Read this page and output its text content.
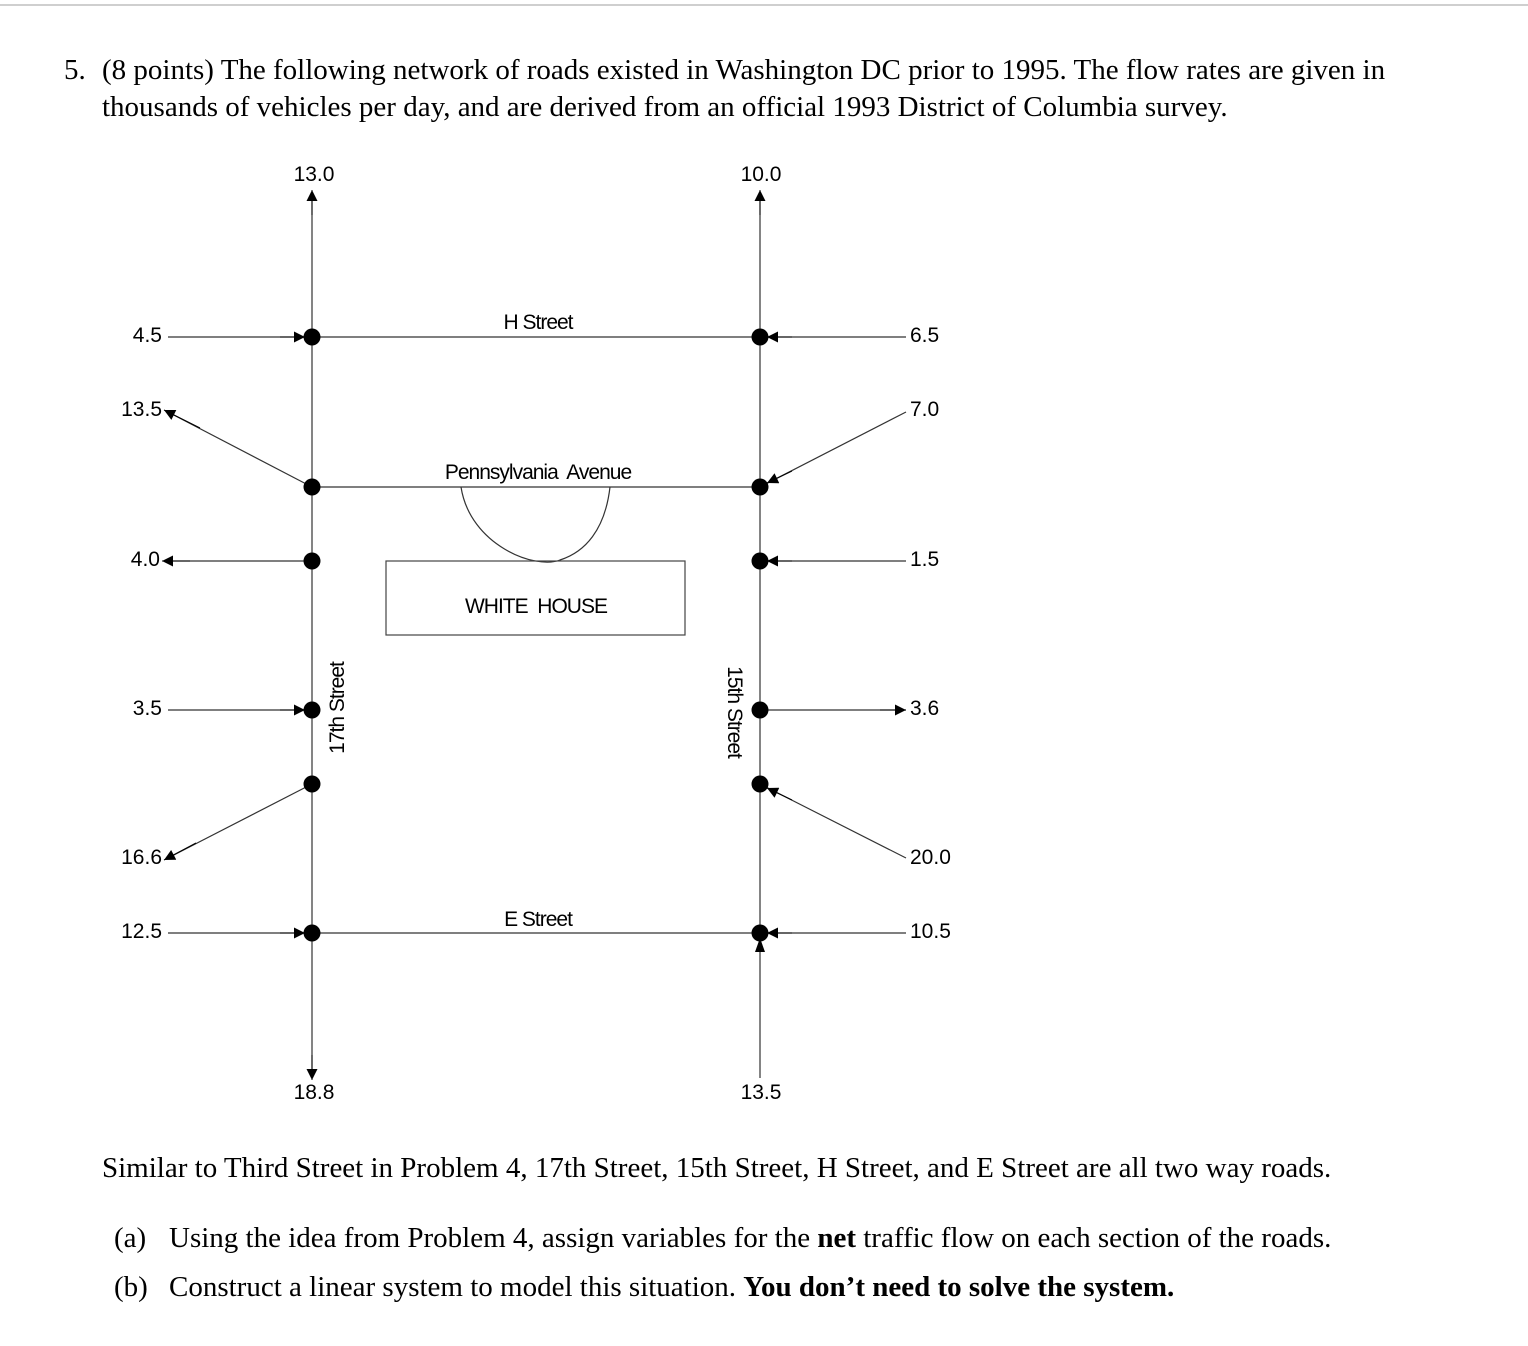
5. (8 points) The following network of roads existed in Washington DC prior to 1995. The flow rates are given in thousands of vehicles per day, and are derived from an official 1993 District of Columbia survey.
H Street
Pennsylvania  Avenue
E Street
WHITE  HOUSE
17th Street	15th Street
13.0	10.0
4.5	6.5
13.5	7.0
4.0	1.5
3.5	3.6
16.6	20.0
12.5	10.5
18.8	13.5
Similar to Third Street in Problem 4, 17th Street, 15th Street, H Street, and E Street are all two way roads.
(a) Using the idea from Problem 4, assign variables for the net traffic flow on each section of the roads.
(b) Construct a linear system to model this situation. You don’t need to solve the system.
